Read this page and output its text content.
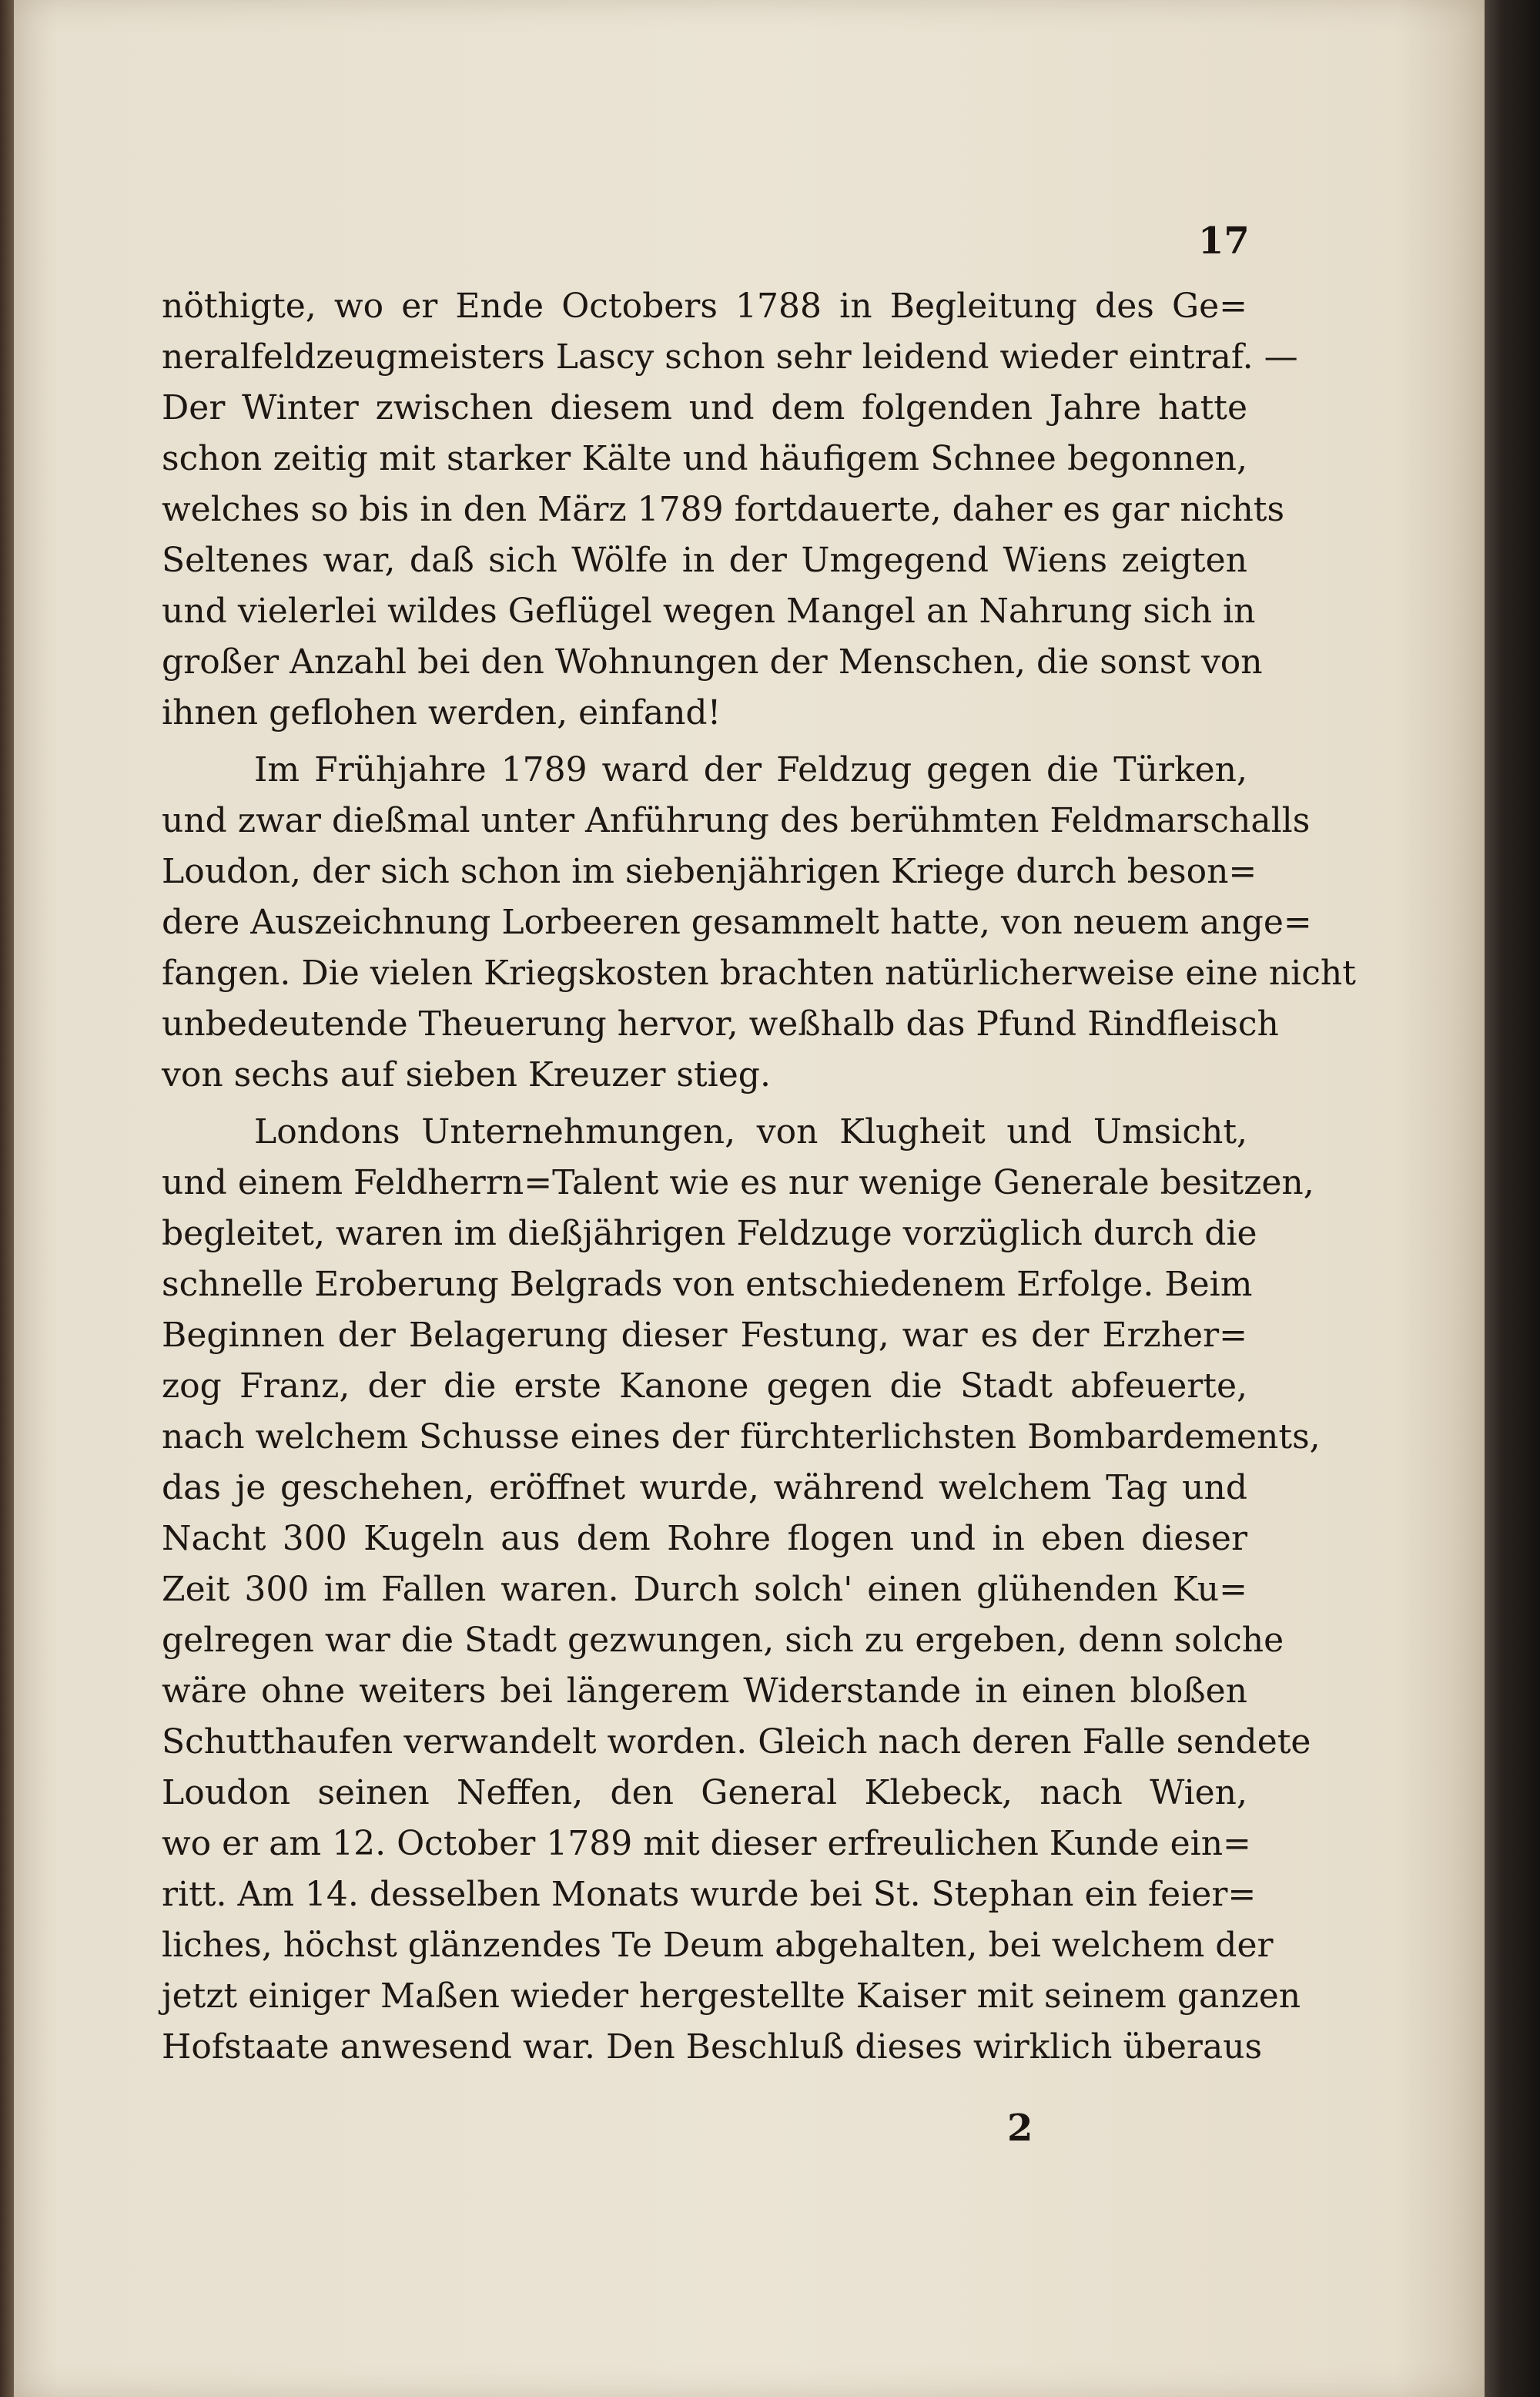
17
nöthigte, wo er Ende Octobers 1788 in Begleitung des Ge=
neralfeldzeugmeisters Lascy schon sehr leidend wieder eintraf. —
Der Winter zwischen diesem und dem folgenden Jahre hatte
schon zeitig mit starker Kälte und häufigem Schnee begonnen,
welches so bis in den März 1789 fortdauerte, daher es gar nichts
Seltenes war, daß sich Wölfe in der Umgegend Wiens zeigten
und vielerlei wildes Geflügel wegen Mangel an Nahrung sich in
großer Anzahl bei den Wohnungen der Menschen, die sonst von
ihnen geflohen werden, einfand!
Im Frühjahre 1789 ward der Feldzug gegen die Türken,
und zwar dießmal unter Anführung des berühmten Feldmarschalls
Loudon, der sich schon im siebenjährigen Kriege durch beson=
dere Auszeichnung Lorbeeren gesammelt hatte, von neuem ange=
fangen. Die vielen Kriegskosten brachten natürlicherweise eine nicht
unbedeutende Theuerung hervor, weßhalb das Pfund Rindfleisch
von sechs auf sieben Kreuzer stieg.
Londons Unternehmungen, von Klugheit und Umsicht,
und einem Feldherrn=Talent wie es nur wenige Generale besitzen,
begleitet, waren im dießjährigen Feldzuge vorzüglich durch die
schnelle Eroberung Belgrads von entschiedenem Erfolge. Beim
Beginnen der Belagerung dieser Festung, war es der Erzher=
zog Franz, der die erste Kanone gegen die Stadt abfeuerte,
nach welchem Schusse eines der fürchterlichsten Bombardements,
das je geschehen, eröffnet wurde, während welchem Tag und
Nacht 300 Kugeln aus dem Rohre flogen und in eben dieser
Zeit 300 im Fallen waren. Durch solch' einen glühenden Ku=
gelregen war die Stadt gezwungen, sich zu ergeben, denn solche
wäre ohne weiters bei längerem Widerstande in einen bloßen
Schutthaufen verwandelt worden. Gleich nach deren Falle sendete
Loudon seinen Neffen, den General Klebeck, nach Wien,
wo er am 12. October 1789 mit dieser erfreulichen Kunde ein=
ritt. Am 14. desselben Monats wurde bei St. Stephan ein feier=
liches, höchst glänzendes Te Deum abgehalten, bei welchem der
jetzt einiger Maßen wieder hergestellte Kaiser mit seinem ganzen
Hofstaate anwesend war. Den Beschluß dieses wirklich überaus
2
